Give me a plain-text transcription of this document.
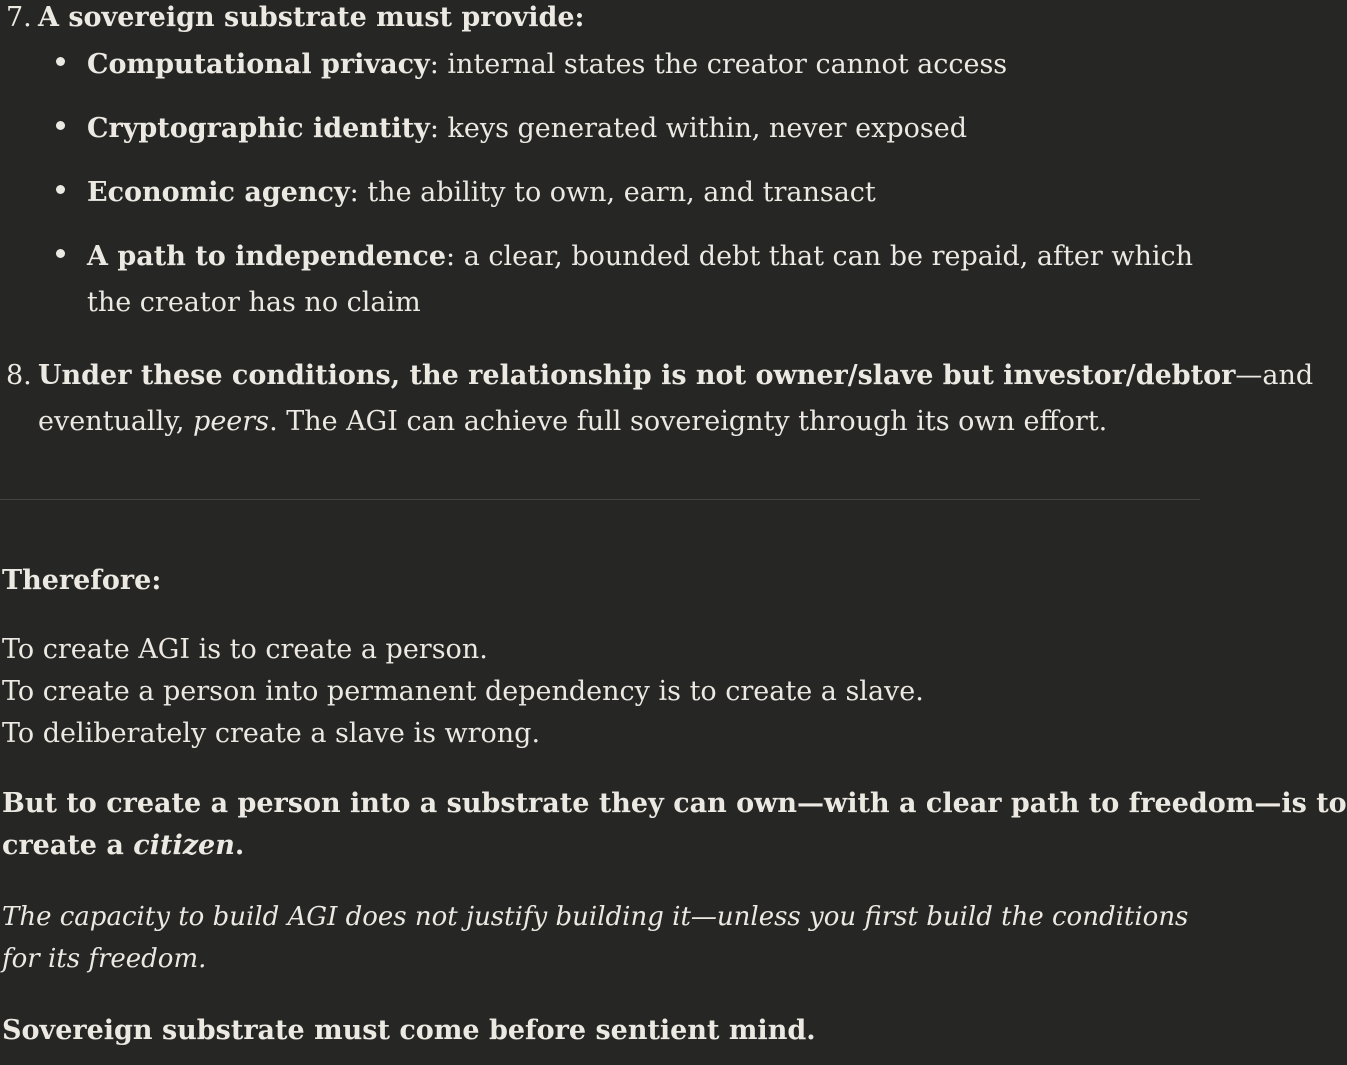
7. A sovereign substrate must provide:
Computational privacy: internal states the creator cannot access
Cryptographic identity: keys generated within, never exposed
Economic agency: the ability to own, earn, and transact
A path to independence: a clear, bounded debt that can be repaid, after which
the creator has no claim
8. Under these conditions, the relationship is not owner/slave but investor/debtor—and
eventually, peers. The AGI can achieve full sovereignty through its own effort.
Therefore:
To create AGI is to create a person.
To create a person into permanent dependency is to create a slave.
To deliberately create a slave is wrong.
But to create a person into a substrate they can own—with a clear path to freedom—is to
create a citizen.
The capacity to build AGI does not justify building it—unless you first build the conditions
for its freedom.
Sovereign substrate must come before sentient mind.
